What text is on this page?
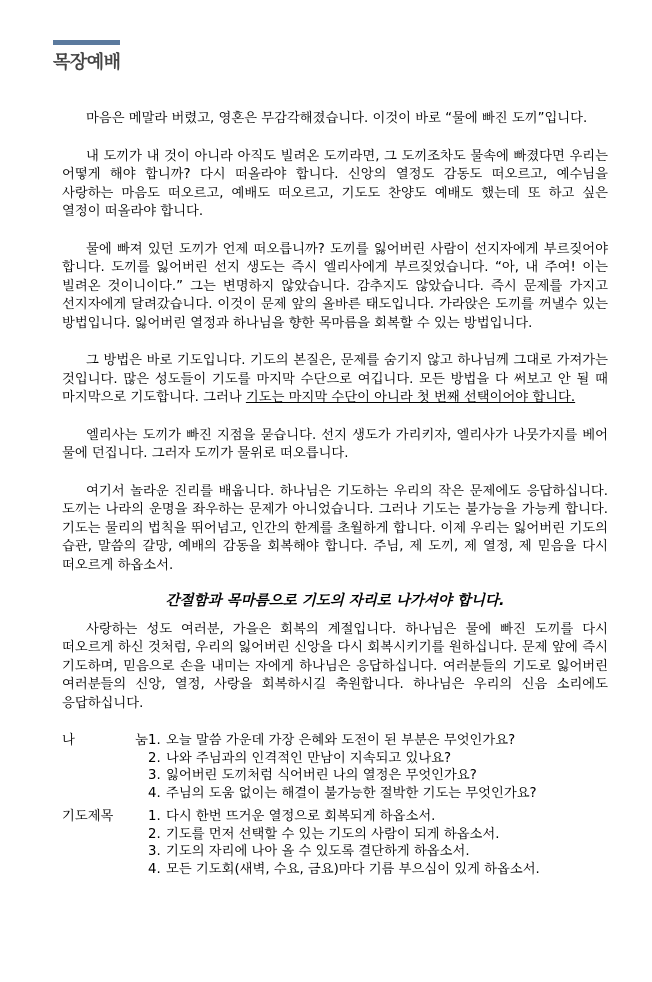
목장예배

마음은 메말라 버렸고, 영혼은 무감각해졌습니다. 이것이 바로 “물에 빠진 도끼”입니다.

내 도끼가 내 것이 아니라 아직도 빌려온 도끼라면, 그 도끼조차도 물속에 빠졌다면 우리는 어떻게 해야 합니까? 다시 떠올라야 합니다. 신앙의 열정도 감동도 떠오르고, 예수님을 사랑하는 마음도 떠오르고, 예배도 떠오르고, 기도도 찬양도 예배도 했는데 또 하고 싶은 열정이 떠올라야 합니다.

물에 빠져 있던 도끼가 언제 떠오릅니까? 도끼를 잃어버린 사람이 선지자에게 부르짖어야 합니다. 도끼를 잃어버린 선지 생도는 즉시 엘리사에게 부르짖었습니다. “아, 내 주여! 이는 빌려온 것이니이다.” 그는 변명하지 않았습니다. 감추지도 않았습니다. 즉시 문제를 가지고 선지자에게 달려갔습니다. 이것이 문제 앞의 올바른 태도입니다. 가라앉은 도끼를 꺼낼수 있는 방법입니다. 잃어버린 열정과 하나님을 향한 목마름을 회복할 수 있는 방법입니다.

그 방법은 바로 기도입니다. 기도의 본질은, 문제를 숨기지 않고 하나님께 그대로 가져가는 것입니다. 많은 성도들이 기도를 마지막 수단으로 여깁니다. 모든 방법을 다 써보고 안 될 때 마지막으로 기도합니다. 그러나 기도는 마지막 수단이 아니라 첫 번째 선택이어야 합니다.

엘리사는 도끼가 빠진 지점을 묻습니다. 선지 생도가 가리키자, 엘리사가 나뭇가지를 베어 물에 던집니다. 그러자 도끼가 물위로 떠오릅니다.

여기서 놀라운 진리를 배웁니다. 하나님은 기도하는 우리의 작은 문제에도 응답하십니다. 도끼는 나라의 운명을 좌우하는 문제가 아니었습니다. 그러나 기도는 불가능을 가능케 합니다. 기도는 물리의 법칙을 뛰어넘고, 인간의 한계를 초월하게 합니다. 이제 우리는 잃어버린 기도의 습관, 말씀의 갈망, 예배의 감동을 회복해야 합니다. 주님, 제 도끼, 제 열정, 제 믿음을 다시 떠오르게 하옵소서.

간절함과 목마름으로 기도의 자리로 나가셔야 합니다.

사랑하는 성도 여러분, 가을은 회복의 계절입니다. 하나님은 물에 빠진 도끼를 다시 떠오르게 하신 것처럼, 우리의 잃어버린 신앙을 다시 회복시키기를 원하십니다. 문제 앞에 즉시 기도하며, 믿음으로 손을 내미는 자에게 하나님은 응답하십니다. 여러분들의 기도로 잃어버린 여러분들의 신앙, 열정, 사랑을 회복하시길 축원합니다. 하나님은 우리의 신음 소리에도 응답하십니다.

나 눔 1. 오늘 말씀 가운데 가장 은혜와 도전이 된 부분은 무엇인가요?
2. 나와 주님과의 인격적인 만남이 지속되고 있나요?
3. 잃어버린 도끼처럼 식어버린 나의 열정은 무엇인가요?
4. 주님의 도움 없이는 해결이 불가능한 절박한 기도는 무엇인가요?
기도제목	1. 다시 한번 뜨거운 열정으로 회복되게 하옵소서.
2. 기도를 먼저 선택할 수 있는 기도의 사람이 되게 하옵소서.
3. 기도의 자리에 나아 올 수 있도록 결단하게 하옵소서.
4. 모든 기도회(새벽, 수요, 금요)마다 기름 부으심이 있게 하옵소서.
